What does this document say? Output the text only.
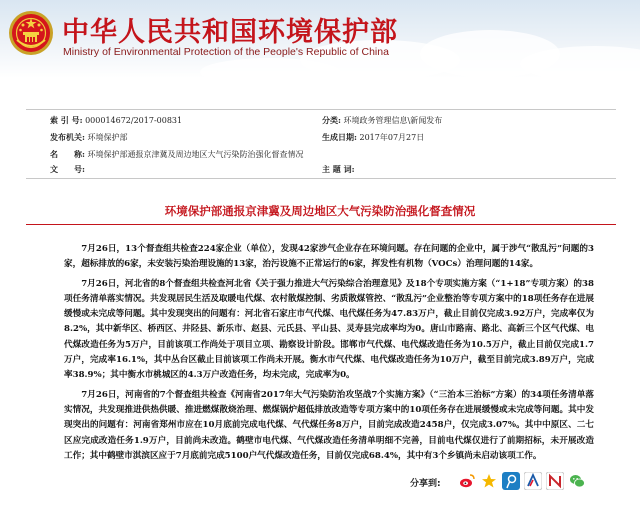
中华人民共和国环境保护部
Ministry of Environmental Protection of the People's Republic of China
索 引 号: 000014672/2017-00831	分类: 环境政务管理信息\新闻发布
发布机关: 环境保护部	生成日期: 2017年07月27日
名　　称: 环境保护部通报京津冀及周边地区大气污染防治强化督查情况
文　　号:	主 题 词:
环境保护部通报京津冀及周边地区大气污染防治强化督查情况

7月26日，13个督查组共检查224家企业（单位），发现42家涉气企业存在环境问题。存在问题的企业中，属于涉气“散乱污”问题的3家，超标排放的6家，未安装污染治理设施的13家，治污设施不正常运行的6家，挥发性有机物（VOCs）治理问题的14家。

7月26日，河北省的8个督查组共检查河北省《关于强力推进大气污染综合治理意见》及18个专项实施方案（“1+18”专项方案）的38项任务清单落实情况。共发现居民生活及取暖电代煤、农村散煤控制、劣质散煤管控、“散乱污”企业整治等专项方案中的18项任务存在进展缓慢或未完成等问题。其中发现突出的问题有：河北省石家庄市气代煤、电代煤任务为47.83万户，截止目前仅完成3.92万户，完成率仅为8.2%，其中新华区、桥西区、井陉县、新乐市、赵县、元氏县、平山县、灵寿县完成率均为0。唐山市路南、路北、高新三个区气代煤、电代煤改造任务为5万户，目前该项工作尚处于项目立项、勘察设计阶段。邯郸市气代煤、电代煤改造任务为10.5万户，截止目前仅完成1.7万户，完成率16.1%，其中丛台区截止目前该项工作尚未开展。衡水市气代煤、电代煤改造任务为10万户，截至目前完成3.89万户，完成率38.9%；其中衡水市桃城区的4.3万户改造任务，均未完成，完成率为0。

7月26日，河南省的7个督查组共检查《河南省2017年大气污染防治攻坚战7个实施方案》（“三治本三治标”方案）的34项任务清单落实情况，共发现推进供热供暖、推进燃煤散烧治理、燃煤锅炉超低排放改造等专项方案中的10项任务存在进展缓慢或未完成等问题。其中发现突出的问题有：河南省郑州市应在10月底前完成电代煤、气代煤任务8万户，目前完成改造2458户，仅完成3.07%。其中中原区、二七区应完成改造任务1.9万户，目前尚未改造。鹤壁市电代煤、气代煤改造任务清单明细不完善，目前电代煤仅进行了前期招标，未开展改造工作；其中鹤壁市淇滨区应于7月底前完成5100户气代煤改造任务，目前仅完成68.4%，其中有3个乡镇尚未启动该项工作。

分享到:
